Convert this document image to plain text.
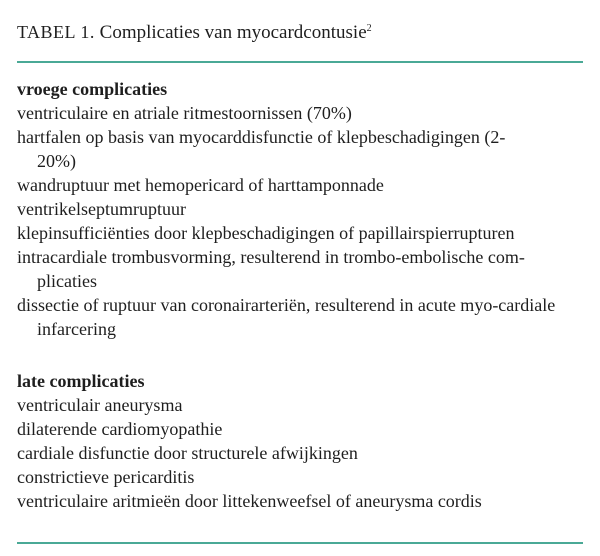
TABEL 1. Complicaties van myocardcontusie$^2$
vroege complicaties
ventriculaire en atriale ritmestoornissen (70%)
hartfalen op basis van myocarddisfunctie of klepbeschadigingen (2-20%)
wandruptuur met hemopericard of harttamponnade
ventrikelseptumruptuur
klepinsufficiënties door klepbeschadigingen of papillairspierrupturen
intracardiale trombusvorming, resulterend in trombo-embolische com-plicaties
dissectie of ruptuur van coronairarteriën, resulterend in acute myo-cardiale infarcering
late complicaties
ventriculair aneurysma
dilaterende cardiomyopathie
cardiale disfunctie door structurele afwijkingen
constrictieve pericarditis
ventriculaire aritmieën door littekenweefsel of aneurysma cordis
